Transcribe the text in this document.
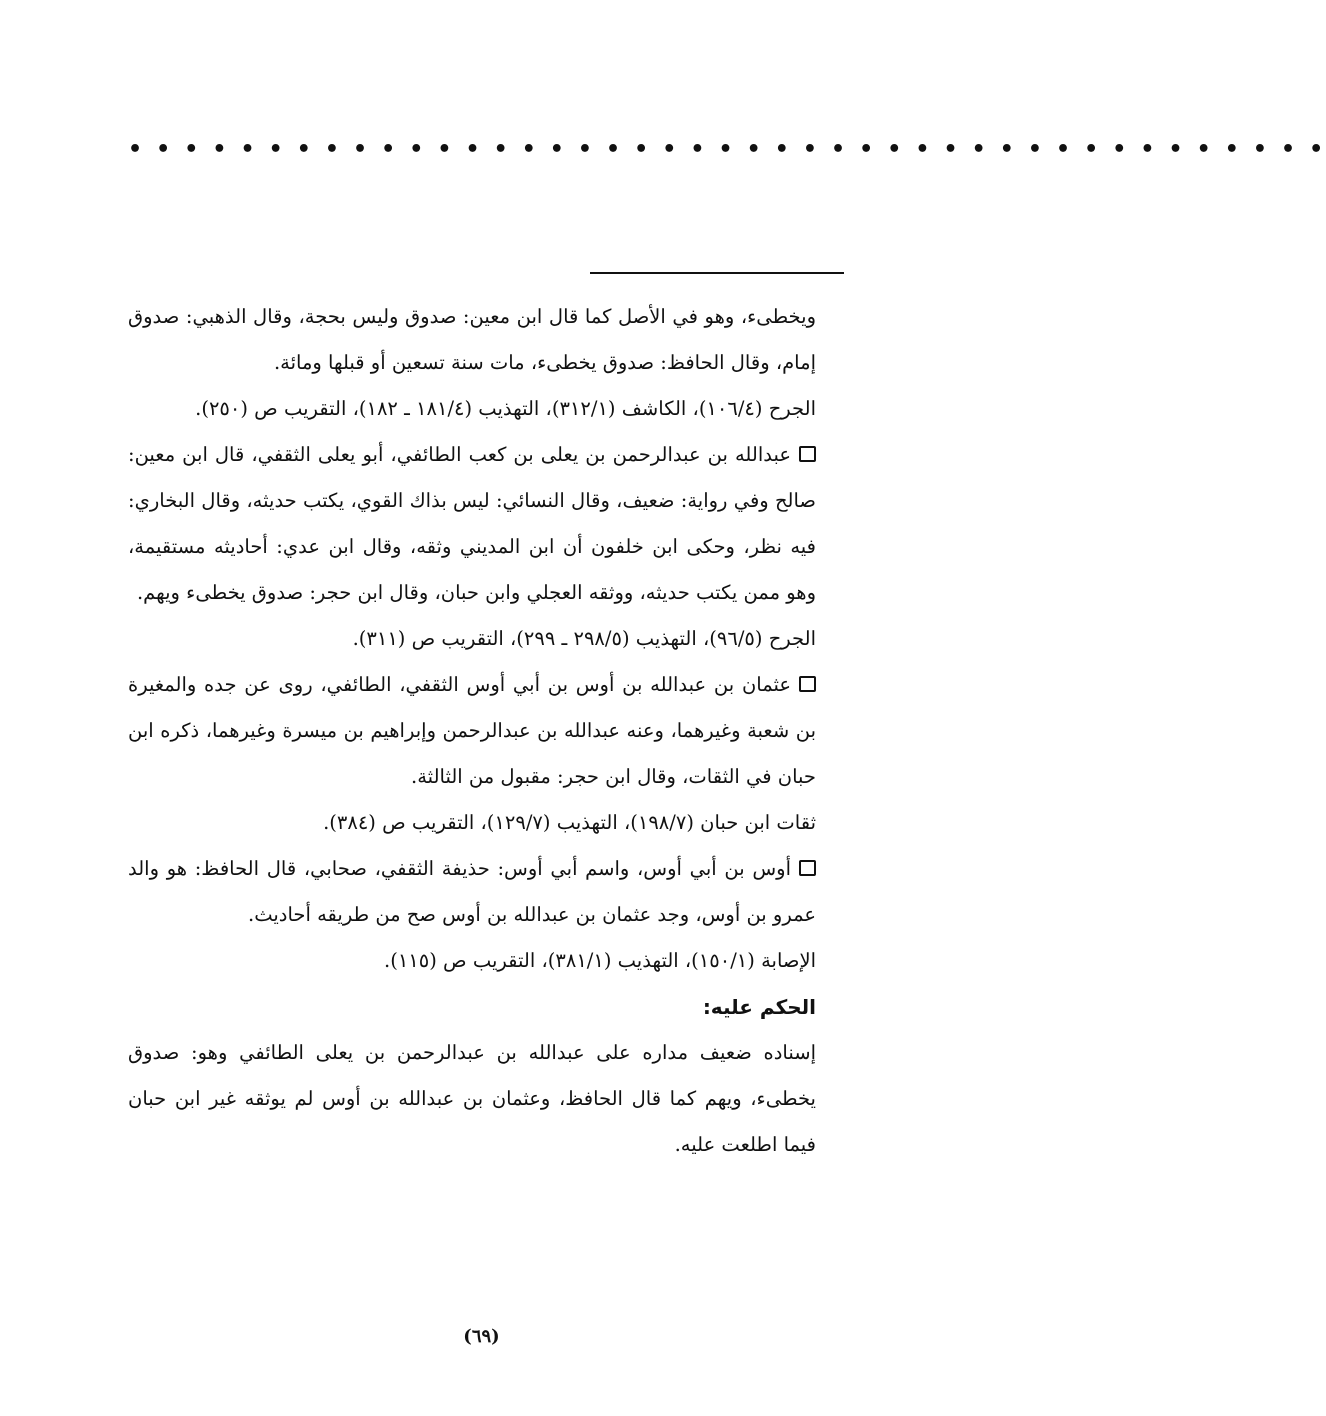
• • • • • • • • • • • • • • • • • • • • • • • • • • • • • • • • • • • • • • • • • • •

ويخطىء، وهو في الأصل كما قال ابن معين: صدوق وليس بحجة، وقال الذهبي: صدوق إمام، وقال الحافظ: صدوق يخطىء، مات سنة تسعين أو قبلها ومائة.

الجرح (١٠٦/٤)، الكاشف (٣١٢/١)، التهذيب (١٨١/٤ ـ ١٨٢)، التقريب ص (٢٥٠).

عبدالله بن عبدالرحمن بن يعلى بن كعب الطائفي، أبو يعلى الثقفي، قال ابن معين: صالح وفي رواية: ضعيف، وقال النسائي: ليس بذاك القوي، يكتب حديثه، وقال البخاري: فيه نظر، وحكى ابن خلفون أن ابن المديني وثقه، وقال ابن عدي: أحاديثه مستقيمة، وهو ممن يكتب حديثه، ووثقه العجلي وابن حبان، وقال ابن حجر: صدوق يخطىء ويهم.

الجرح (٩٦/٥)، التهذيب (٢٩٨/٥ ـ ٢٩٩)، التقريب ص (٣١١).

عثمان بن عبدالله بن أوس بن أبي أوس الثقفي، الطائفي، روى عن جده والمغيرة بن شعبة وغيرهما، وعنه عبدالله بن عبدالرحمن وإبراهيم بن ميسرة وغيرهما، ذكره ابن حبان في الثقات، وقال ابن حجر: مقبول من الثالثة.

ثقات ابن حبان (١٩٨/٧)، التهذيب (١٢٩/٧)، التقريب ص (٣٨٤).

أوس بن أبي أوس، واسم أبي أوس: حذيفة الثقفي، صحابي، قال الحافظ: هو والد عمرو بن أوس، وجد عثمان بن عبدالله بن أوس صح من طريقه أحاديث.

الإصابة (١٥٠/١)، التهذيب (٣٨١/١)، التقريب ص (١١٥).

الحكم عليه:

إسناده ضعيف مداره على عبدالله بن عبدالرحمن بن يعلى الطائفي وهو: صدوق يخطىء، ويهم كما قال الحافظ، وعثمان بن عبدالله بن أوس لم يوثقه غير ابن حبان فيما اطلعت عليه.

(٦٩)
